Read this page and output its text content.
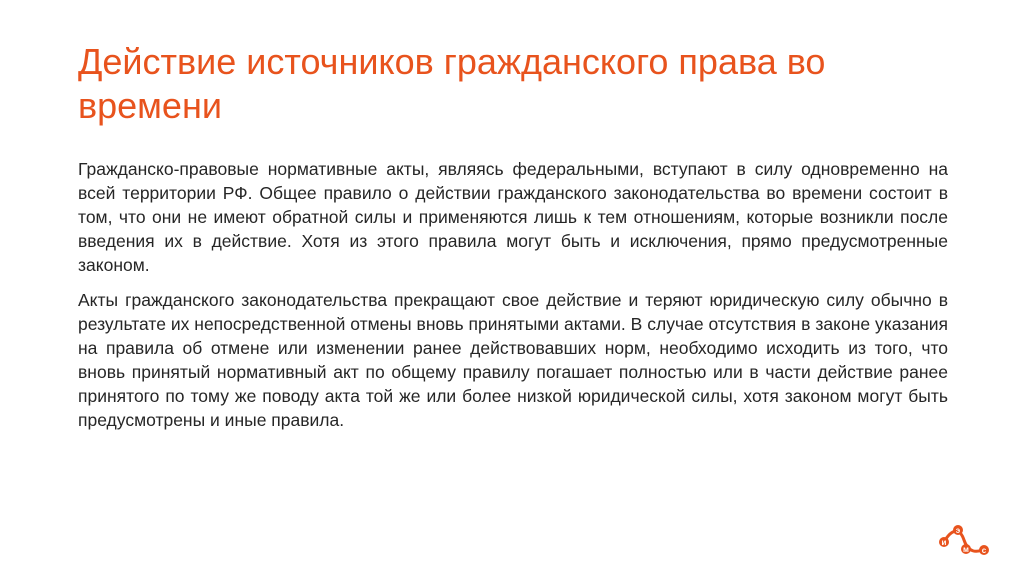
Действие источников гражданского права во времени

Гражданско-правовые нормативные акты, являясь федеральными, вступают в силу одновременно на всей территории РФ. Общее правило о действии гражданского законодательства во времени состоит в том, что они не имеют обратной силы и применяются лишь к тем отношениям, которые возникли после введения их в действие. Хотя из этого правила могут быть и исключения, прямо предусмотренные законом.

Акты гражданского законодательства прекращают свое действие и теряют юридическую силу обычно в результате их непосредственной отмены вновь принятыми актами. В случае отсутствия в законе указания на правила об отмене или изменении ранее действовавших норм, необходимо исходить из того, что вновь принятый нормативный акт по общему правилу погашает полностью или в части действие ранее принятого по тому же поводу акта той же или более низкой юридической силы, хотя законом могут быть предусмотрены и иные правила.

и
э
м с
